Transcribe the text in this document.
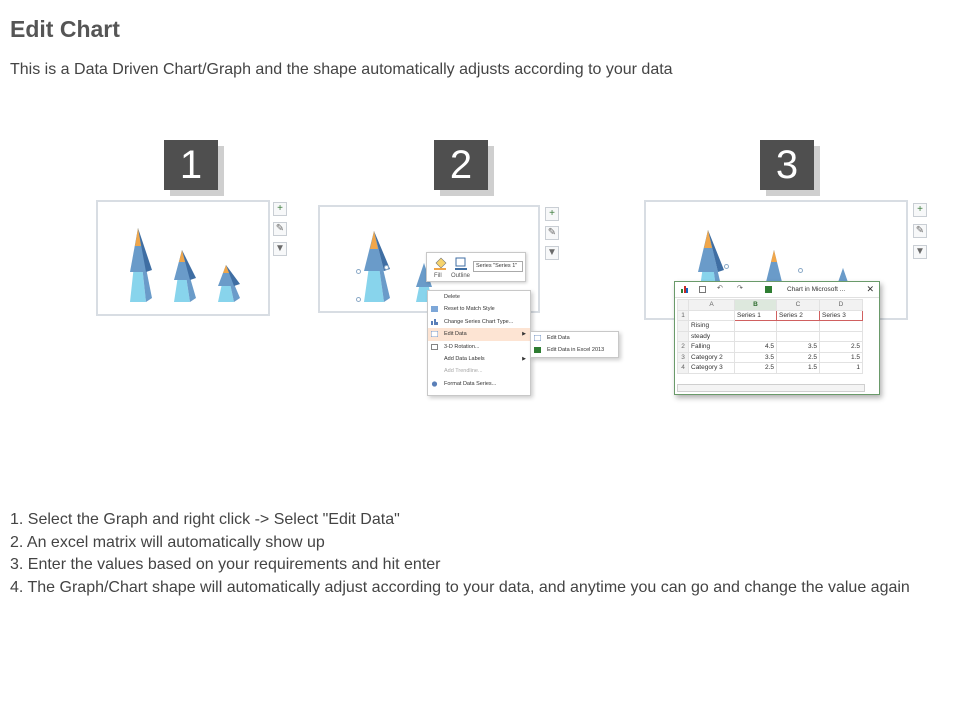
Edit Chart
This is a Data Driven Chart/Graph and the shape automatically adjusts according to your data
1	2	3
+
✎
▼
+
✎
▼
Fill Outline
Series "Series 1"
Delete
Reset to Match Style
Change Series Chart Type...
Edit Data	▶
3-D Rotation...
Add Data Labels	▶
Add Trendline...
Format Data Series...
Edit Data
Edit Data in Excel 2013
+
✎
▼
↶ ↷	Chart in Microsoft ... ✕
	A	B	C	D
1		Series 1	Series 2	Series 3
	Rising			
	steady			
2	Falling	4.5	3.5	2.5
3	Category 2	3.5	2.5	1.5
4	Category 3	2.5	1.5	1
1. Select the Graph and right click -> Select "Edit Data"
2. An excel matrix will automatically show up
3. Enter the values based on your requirements and hit enter
4. The Graph/Chart shape will automatically adjust according to your data, and anytime you can go and change the value again
